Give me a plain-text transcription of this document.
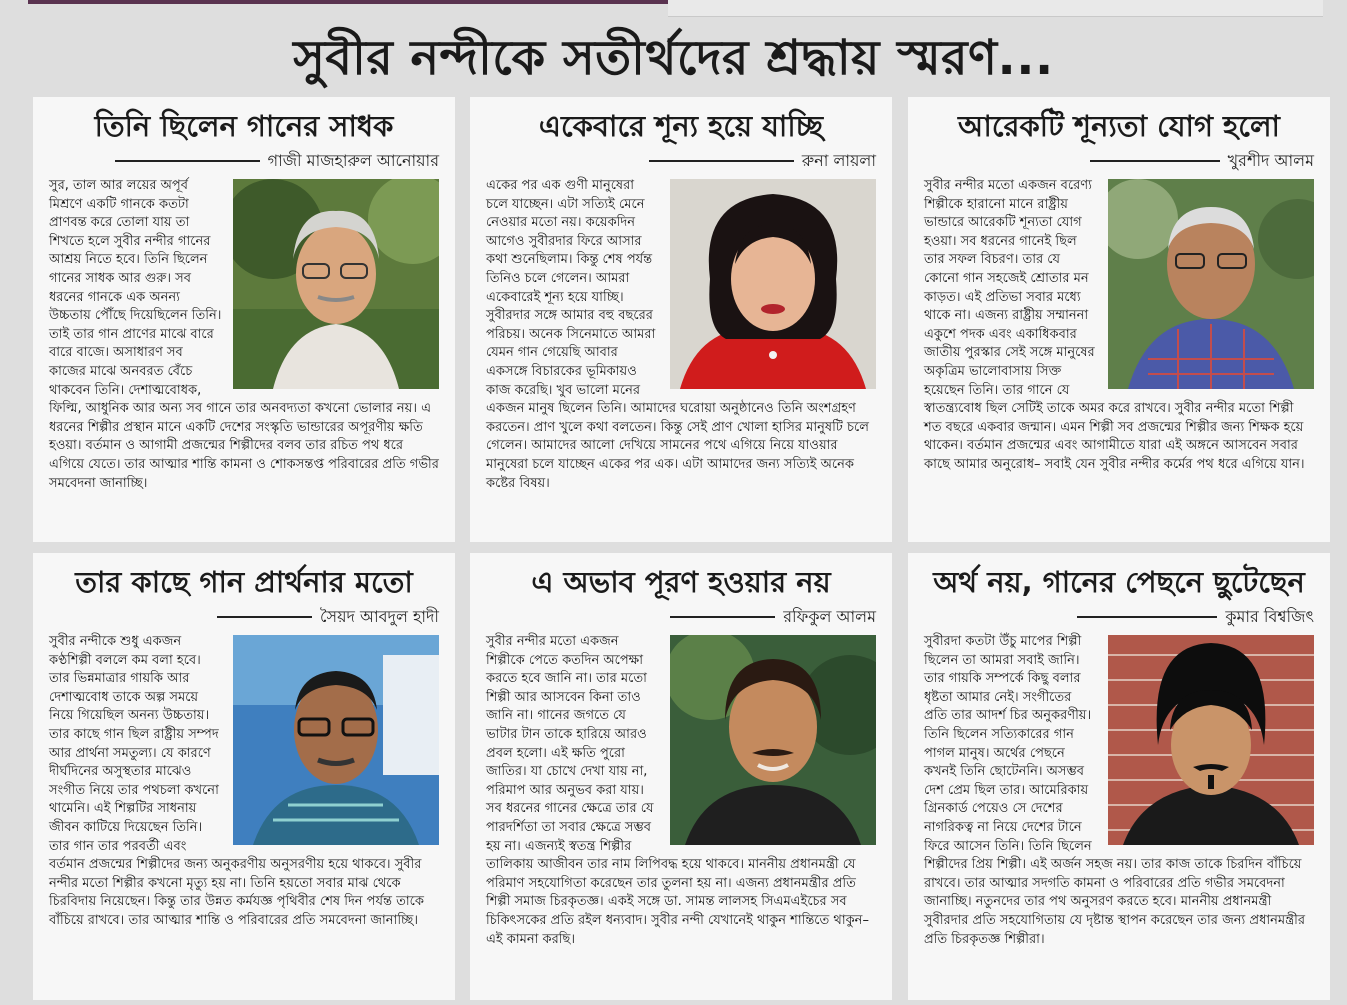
সুবীর নন্দীকে সতীর্থদের শ্রদ্ধায় স্মরণ...
তিনি ছিলেন গানের সাধক
গাজী মাজহারুল আনোয়ার
সুর, তাল আর লয়ের অপূর্ব মিশ্রণে একটি গানকে কতটা প্রাণবন্ত করে তোলা যায় তা শিখতে হলে সুবীর নন্দীর গানের আশ্রয় নিতে হবে। তিনি ছিলেন গানের সাধক আর গুরু। সব ধরনের গানকে এক অনন্য উচ্চতায় পৌঁছে দিয়েছিলেন তিনি। তাই তার গান প্রাণের মাঝে বারে বারে বাজে। অসাধারণ সব কাজের মাঝে অনবরত বেঁচে থাকবেন তিনি। দেশাত্মবোধক, ফিল্মি, আধুনিক আর অন্য সব গানে তার অনবদ্যতা কখনো ভোলার নয়। এ ধরনের শিল্পীর প্রস্থান মানে একটি দেশের সংস্কৃতি ভান্ডারের অপূরণীয় ক্ষতি হওয়া। বর্তমান ও আগামী প্রজন্মের শিল্পীদের বলব তার রচিত পথ ধরে এগিয়ে যেতে। তার আত্মার শান্তি কামনা ও শোকসন্তপ্ত পরিবারের প্রতি গভীর সমবেদনা জানাচ্ছি।
একেবারে শূন্য হয়ে যাচ্ছি
রুনা লায়লা
একের পর এক গুণী মানুষেরা চলে যাচ্ছেন। এটা সত্যিই মেনে নেওয়ার মতো নয়। কয়েকদিন আগেও সুবীরদার ফিরে আসার কথা শুনেছিলাম। কিন্তু শেষ পর্যন্ত তিনিও চলে গেলেন। আমরা একেবারেই শূন্য হয়ে যাচ্ছি। সুবীরদার সঙ্গে আমার বহু বছরের পরিচয়। অনেক সিনেমাতে আমরা যেমন গান গেয়েছি আবার একসঙ্গে বিচারকের ভূমিকায়ও কাজ করেছি। খুব ভালো মনের একজন মানুষ ছিলেন তিনি। আমাদের ঘরোয়া অনুষ্ঠানেও তিনি অংশগ্রহণ করতেন। প্রাণ খুলে কথা বলতেন। কিন্তু সেই প্রাণ খোলা হাসির মানুষটি চলে গেলেন। আমাদের আলো দেখিয়ে সামনের পথে এগিয়ে নিয়ে যাওয়ার মানুষেরা চলে যাচ্ছেন একের পর এক। এটা আমাদের জন্য সত্যিই অনেক কষ্টের বিষয়।
আরেকটি শূন্যতা যোগ হলো
খুরশীদ আলম
সুবীর নন্দীর মতো একজন বরেণ্য শিল্পীকে হারানো মানে রাষ্ট্রীয় ভান্ডারে আরেকটি শূন্যতা যোগ হওয়া। সব ধরনের গানেই ছিল তার সফল বিচরণ। তার যে কোনো গান সহজেই শ্রোতার মন কাড়ত। এই প্রতিভা সবার মধ্যে থাকে না। এজন্য রাষ্ট্রীয় সম্মাননা একুশে পদক এবং একাধিকবার জাতীয় পুরস্কার সেই সঙ্গে মানুষের অকৃত্রিম ভালোবাসায় সিক্ত হয়েছেন তিনি। তার গানে যে স্বাতন্ত্র্যবোধ ছিল সেটিই তাকে অমর করে রাখবে। সুবীর নন্দীর মতো শিল্পী শত বছরে একবার জন্মান। এমন শিল্পী সব প্রজন্মের শিল্পীর জন্য শিক্ষক হয়ে থাকেন। বর্তমান প্রজন্মের এবং আগামীতে যারা এই অঙ্গনে আসবেন সবার কাছে আমার অনুরোধ– সবাই যেন সুবীর নন্দীর কর্মের পথ ধরে এগিয়ে যান।
তার কাছে গান প্রার্থনার মতো
সৈয়দ আবদুল হাদী
সুবীর নন্দীকে শুধু একজন কণ্ঠশিল্পী বললে কম বলা হবে। তার ভিন্নমাত্রার গায়কি আর দেশাত্মবোধ তাকে অল্প সময়ে নিয়ে গিয়েছিল অনন্য উচ্চতায়। তার কাছে গান ছিল রাষ্ট্রীয় সম্পদ আর প্রার্থনা সমতুল্য। যে কারণে দীর্ঘদিনের অসুস্থতার মাঝেও সংগীত নিয়ে তার পথচলা কখনো থামেনি। এই শিল্পটির সাধনায় জীবন কাটিয়ে দিয়েছেন তিনি। তার গান তার পরবর্তী এবং বর্তমান প্রজন্মের শিল্পীদের জন্য অনুকরণীয় অনুসরণীয় হয়ে থাকবে। সুবীর নন্দীর মতো শিল্পীর কখনো মৃত্যু হয় না। তিনি হয়তো সবার মাঝ থেকে চিরবিদায় নিয়েছেন। কিন্তু তার উন্নত কর্মযজ্ঞ পৃথিবীর শেষ দিন পর্যন্ত তাকে বাঁচিয়ে রাখবে। তার আত্মার শান্তি ও পরিবারের প্রতি সমবেদনা জানাচ্ছি।
এ অভাব পূরণ হওয়ার নয়
রফিকুল আলম
সুবীর নন্দীর মতো একজন শিল্পীকে পেতে কতদিন অপেক্ষা করতে হবে জানি না। তার মতো শিল্পী আর আসবেন কিনা তাও জানি না। গানের জগতে যে ভাটার টান তাকে হারিয়ে আরও প্রবল হলো। এই ক্ষতি পুরো জাতির। যা চোখে দেখা যায় না, পরিমাপ আর অনুভব করা যায়। সব ধরনের গানের ক্ষেত্রে তার যে পারদর্শিতা তা সবার ক্ষেত্রে সম্ভব হয় না। এজন্যই স্বতন্ত্র শিল্পীর তালিকায় আজীবন তার নাম লিপিবদ্ধ হয়ে থাকবে। মাননীয় প্রধানমন্ত্রী যে পরিমাণ সহযোগিতা করেছেন তার তুলনা হয় না। এজন্য প্রধানমন্ত্রীর প্রতি শিল্পী সমাজ চিরকৃতজ্ঞ। একই সঙ্গে ডা. সামন্ত লালসহ সিএমএইচের সব চিকিৎসকের প্রতি রইল ধন্যবাদ। সুবীর নন্দী যেখানেই থাকুন শান্তিতে থাকুন– এই কামনা করছি।
অর্থ নয়, গানের পেছনে ছুটেছেন
কুমার বিশ্বজিৎ
সুবীরদা কতটা উঁচু মাপের শিল্পী ছিলেন তা আমরা সবাই জানি। তার গায়কি সম্পর্কে কিছু বলার ধৃষ্টতা আমার নেই। সংগীতের প্রতি তার আদর্শ চির অনুকরণীয়। তিনি ছিলেন সত্যিকারের গান পাগল মানুষ। অর্থের পেছনে কখনই তিনি ছোটেননি। অসম্ভব দেশ প্রেম ছিল তার। আমেরিকায় গ্রিনকার্ড পেয়েও সে দেশের নাগরিকত্ব না নিয়ে দেশের টানে ফিরে আসেন তিনি। তিনি ছিলেন শিল্পীদের প্রিয় শিল্পী। এই অর্জন সহজ নয়। তার কাজ তাকে চিরদিন বাঁচিয়ে রাখবে। তার আত্মার সদগতি কামনা ও পরিবারের প্রতি গভীর সমবেদনা জানাচ্ছি। নতুনদের তার পথ অনুসরণ করতে হবে। মাননীয় প্রধানমন্ত্রী সুবীরদার প্রতি সহযোগিতায় যে দৃষ্টান্ত স্থাপন করেছেন তার জন্য প্রধানমন্ত্রীর প্রতি চিরকৃতজ্ঞ শিল্পীরা।
